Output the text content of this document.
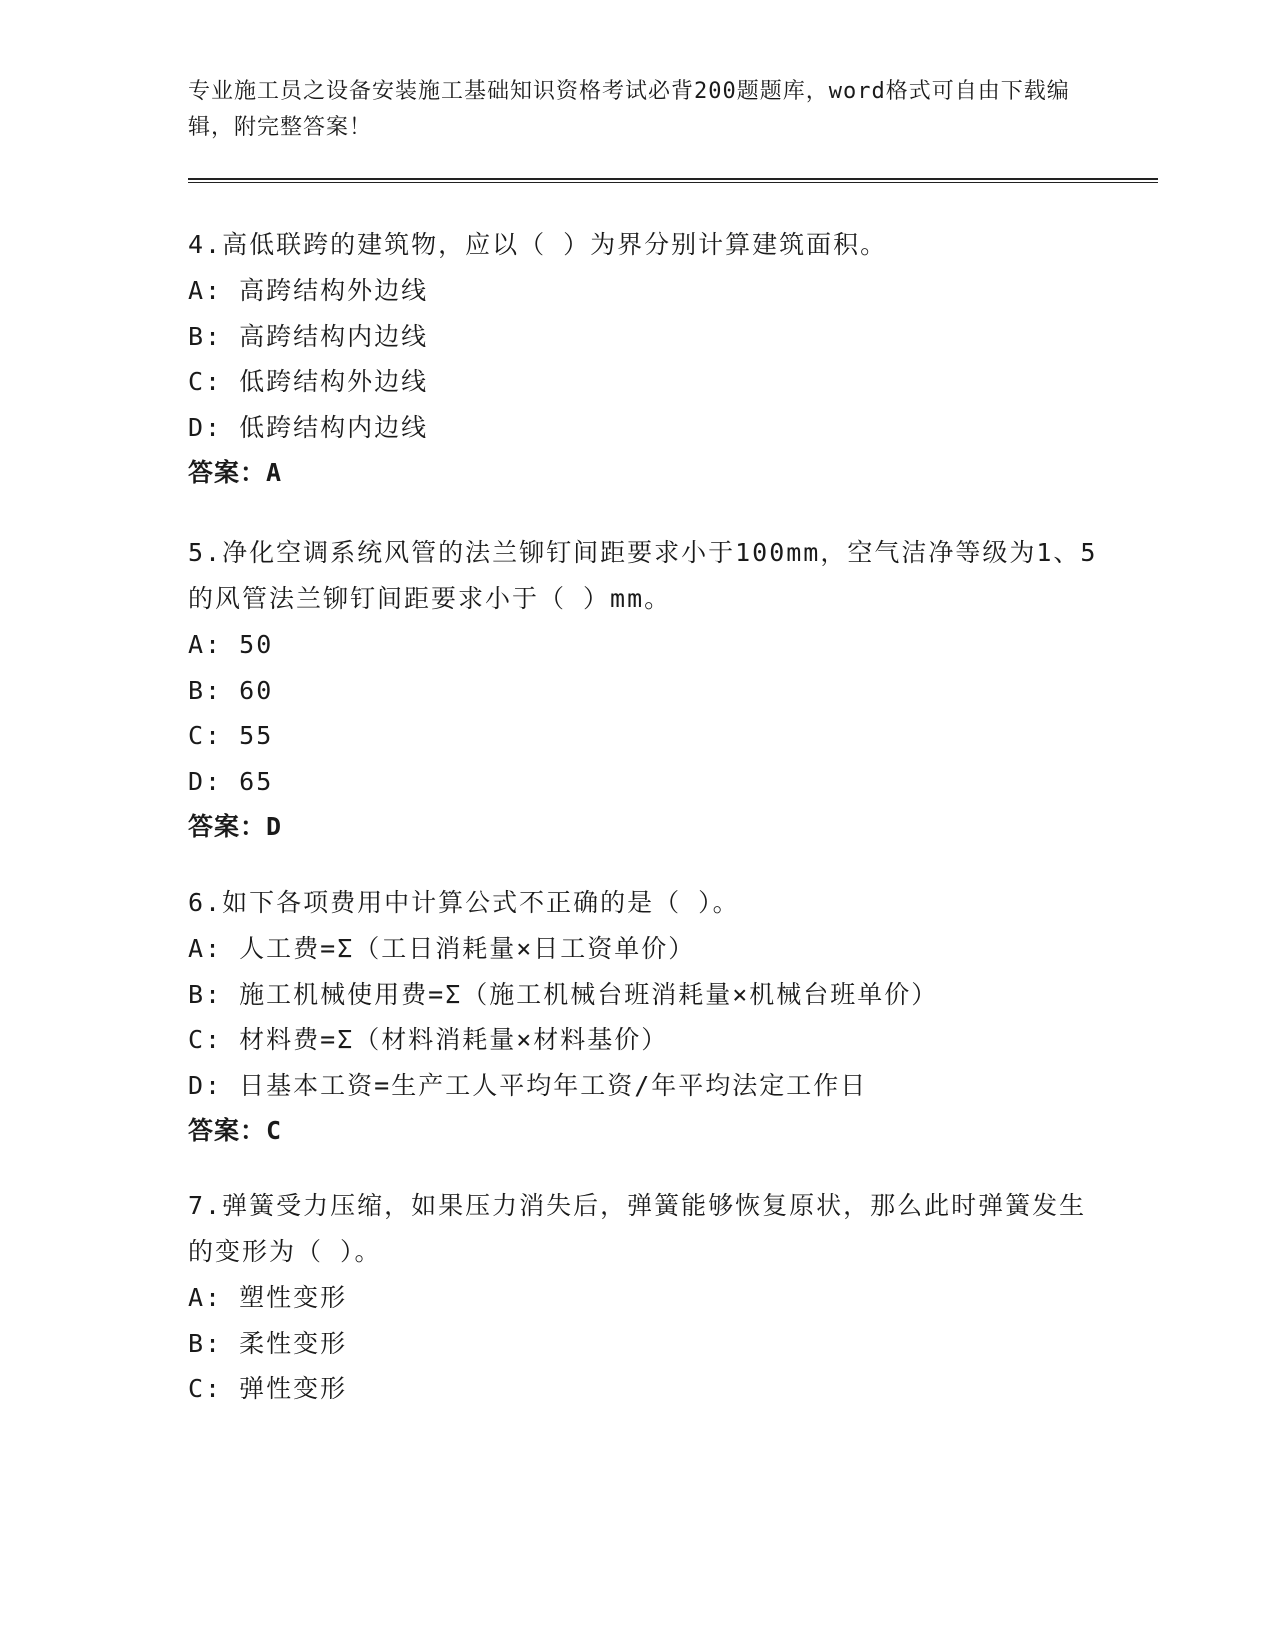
专业施工员之设备安装施工基础知识资格考试必背200题题库，word格式可自由下载编辑，附完整答案！

4.高低联跨的建筑物，应以（ ）为界分别计算建筑面积。

A: 高跨结构外边线

B: 高跨结构内边线

C: 低跨结构外边线

D: 低跨结构内边线

答案：A

5.净化空调系统风管的法兰铆钉间距要求小于100mm，空气洁净等级为1、5的风管法兰铆钉间距要求小于（ ）mm。

A: 50

B: 60

C: 55

D: 65

答案：D

6.如下各项费用中计算公式不正确的是（ ）。

A: 人工费=Σ（工日消耗量×日工资单价）

B: 施工机械使用费=Σ（施工机械台班消耗量×机械台班单价）

C: 材料费=Σ（材料消耗量×材料基价）

D: 日基本工资=生产工人平均年工资/年平均法定工作日

答案：C

7.弹簧受力压缩，如果压力消失后，弹簧能够恢复原状，那么此时弹簧发生的变形为（ ）。

A: 塑性变形

B: 柔性变形

C: 弹性变形
